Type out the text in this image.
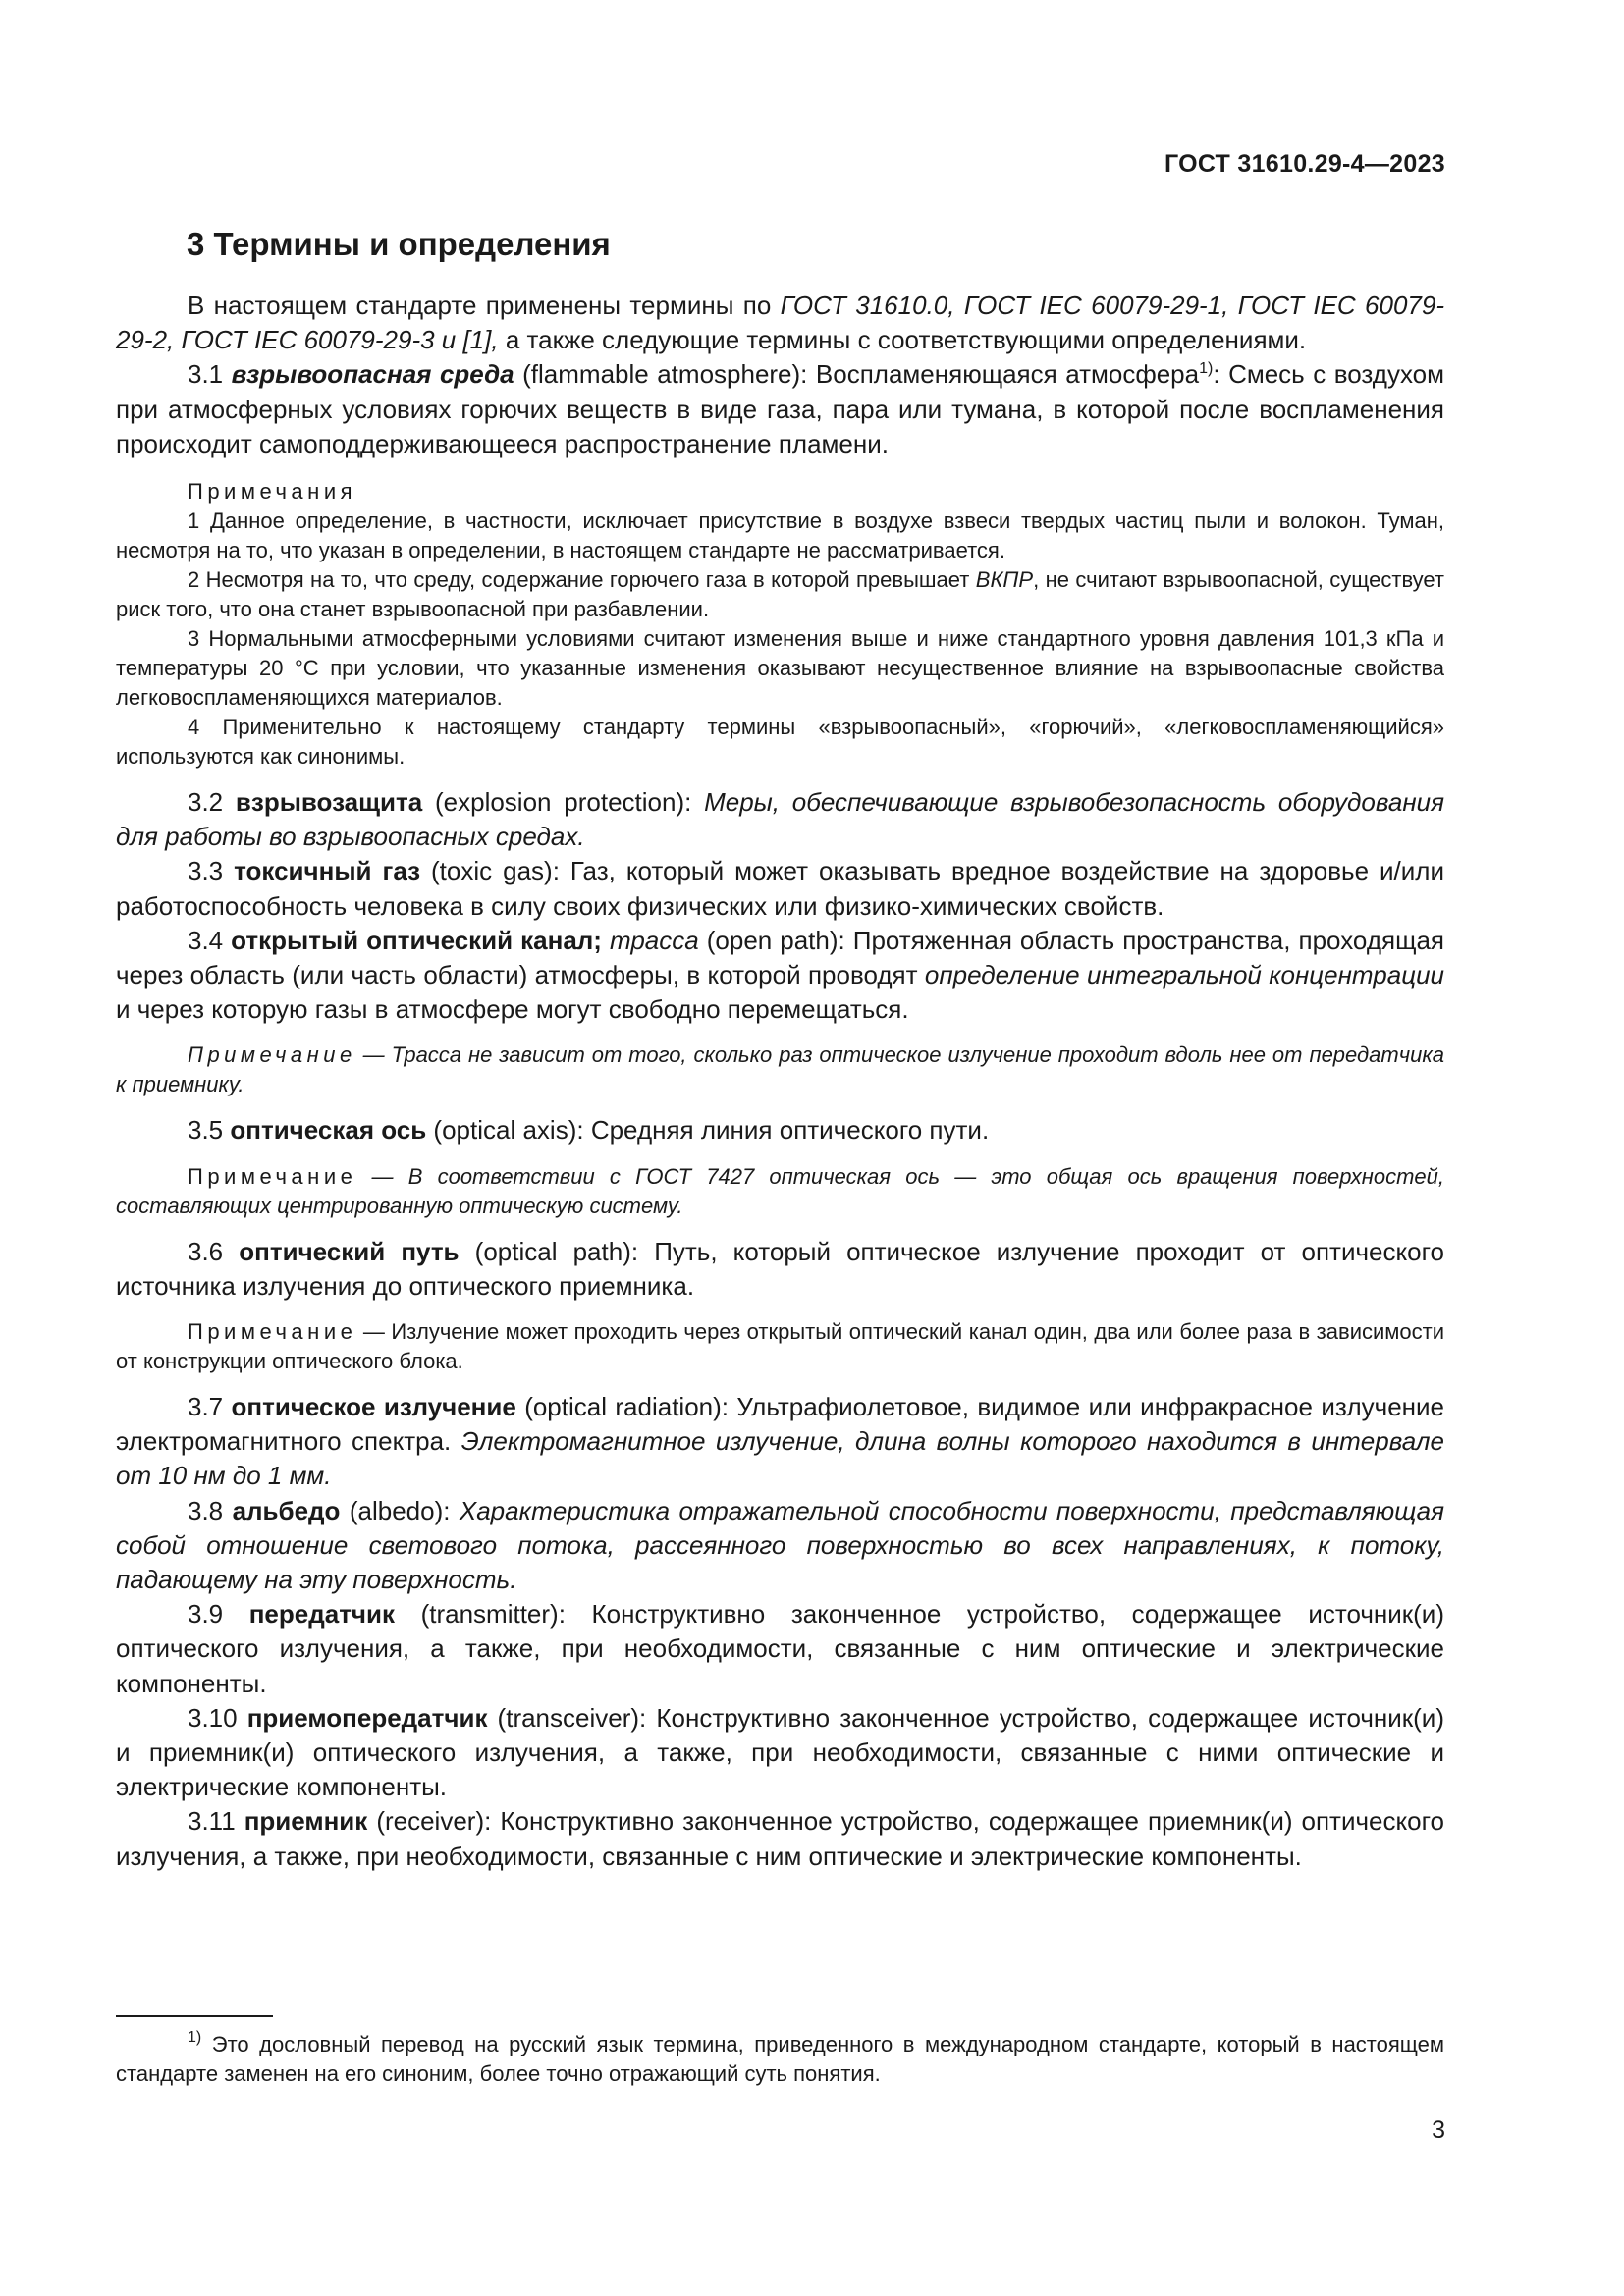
ГОСТ 31610.29-4—2023
3 Термины и определения

В настоящем стандарте применены термины по ГОСТ 31610.0, ГОСТ IEC 60079-29-1, ГОСТ IEC 60079-29-2, ГОСТ IEC 60079-29-3 и [1], а также следующие термины с соответствующими определениями.

3.1 взрывоопасная среда (flammable atmosphere): Воспламеняющаяся атмосфера$^{1)}$: Смесь с воздухом при атмосферных условиях горючих веществ в виде газа, пара или тумана, в которой после воспламенения происходит самоподдерживающееся распространение пламени.

Примечания

1 Данное определение, в частности, исключает присутствие в воздухе взвеси твердых частиц пыли и волокон. Туман, несмотря на то, что указан в определении, в настоящем стандарте не рассматривается.

2 Несмотря на то, что среду, содержание горючего газа в которой превышает ВКПР, не считают взрывоопасной, существует риск того, что она станет взрывоопасной при разбавлении.

3 Нормальными атмосферными условиями считают изменения выше и ниже стандартного уровня давления 101,3 кПа и температуры 20 °С при условии, что указанные изменения оказывают несущественное влияние на взрывоопасные свойства легковоспламеняющихся материалов.

4 Применительно к настоящему стандарту термины «взрывоопасный», «горючий», «легковоспламеняющийся» используются как синонимы.

3.2 взрывозащита (explosion protection): Меры, обеспечивающие взрывобезопасность оборудования для работы во взрывоопасных средах.

3.3 токсичный газ (toxic gas): Газ, который может оказывать вредное воздействие на здоровье и/или работоспособность человека в силу своих физических или физико-химических свойств.

3.4 открытый оптический канал; трасса (open path): Протяженная область пространства, проходящая через область (или часть области) атмосферы, в которой проводят определение интегральной концентрации и через которую газы в атмосфере могут свободно перемещаться.

Примечание — Трасса не зависит от того, сколько раз оптическое излучение проходит вдоль нее от передатчика к приемнику.

3.5 оптическая ось (optical axis): Средняя линия оптического пути.

Примечание — В соответствии с ГОСТ 7427 оптическая ось — это общая ось вращения поверхностей, составляющих центрированную оптическую систему.

3.6 оптический путь (optical path): Путь, который оптическое излучение проходит от оптического источника излучения до оптического приемника.

Примечание — Излучение может проходить через открытый оптический канал один, два или более раза в зависимости от конструкции оптического блока.

3.7 оптическое излучение (optical radiation): Ультрафиолетовое, видимое или инфракрасное излучение электромагнитного спектра. Электромагнитное излучение, длина волны которого находится в интервале от 10 нм до 1 мм.

3.8 альбедо (albedo): Характеристика отражательной способности поверхности, представляющая собой отношение светового потока, рассеянного поверхностью во всех направлениях, к потоку, падающему на эту поверхность.

3.9 передатчик (transmitter): Конструктивно законченное устройство, содержащее источник(и) оптического излучения, а также, при необходимости, связанные с ним оптические и электрические компоненты.

3.10 приемопередатчик (transceiver): Конструктивно законченное устройство, содержащее источник(и) и приемник(и) оптического излучения, а также, при необходимости, связанные с ними оптические и электрические компоненты.

3.11 приемник (receiver): Конструктивно законченное устройство, содержащее приемник(и) оптического излучения, а также, при необходимости, связанные с ним оптические и электрические компоненты.

$^{1)}$ Это дословный перевод на русский язык термина, приведенного в международном стандарте, который в настоящем стандарте заменен на его синоним, более точно отражающий суть понятия.

3
